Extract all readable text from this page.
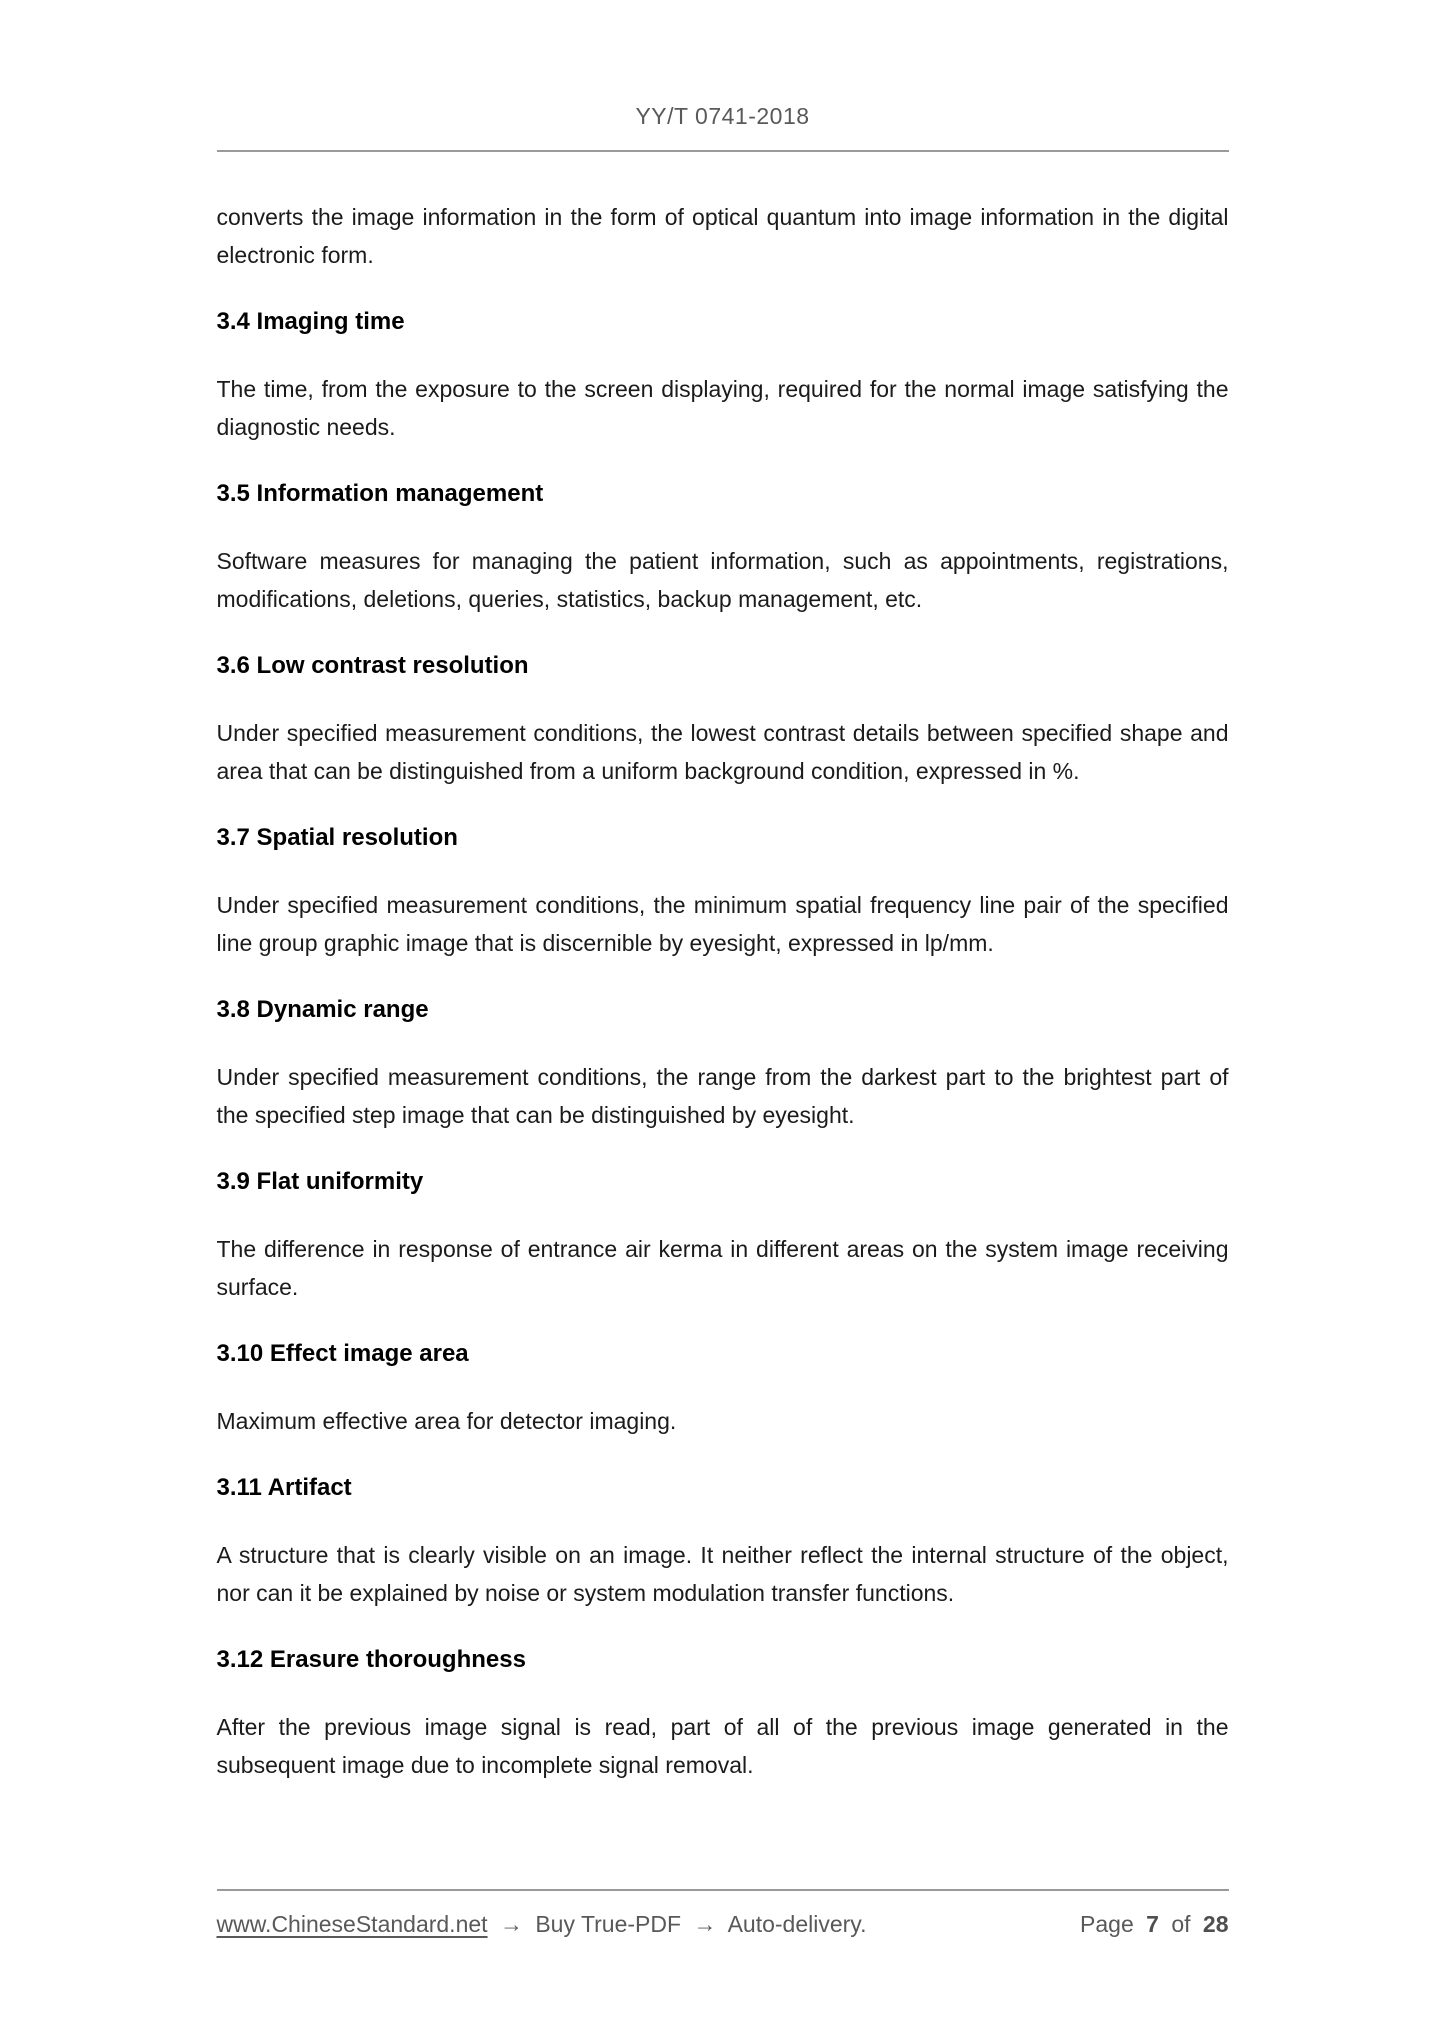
YY/T 0741-2018

converts the image information in the form of optical quantum into image information in the digital electronic form.

3.4 Imaging time

The time, from the exposure to the screen displaying, required for the normal image satisfying the diagnostic needs.

3.5 Information management

Software measures for managing the patient information, such as appointments, registrations, modifications, deletions, queries, statistics, backup management, etc.

3.6 Low contrast resolution

Under specified measurement conditions, the lowest contrast details between specified shape and area that can be distinguished from a uniform background condition, expressed in %.

3.7 Spatial resolution

Under specified measurement conditions, the minimum spatial frequency line pair of the specified line group graphic image that is discernible by eyesight, expressed in lp/mm.

3.8 Dynamic range

Under specified measurement conditions, the range from the darkest part to the brightest part of the specified step image that can be distinguished by eyesight.

3.9 Flat uniformity

The difference in response of entrance air kerma in different areas on the system image receiving surface.

3.10 Effect image area

Maximum effective area for detector imaging.

3.11 Artifact

A structure that is clearly visible on an image. It neither reflect the internal structure of the object, nor can it be explained by noise or system modulation transfer functions.

3.12 Erasure thoroughness

After the previous image signal is read, part of all of the previous image generated in the subsequent image due to incomplete signal removal.

www.ChineseStandard.net → Buy True-PDF → Auto-delivery.	Page 7 of 28
